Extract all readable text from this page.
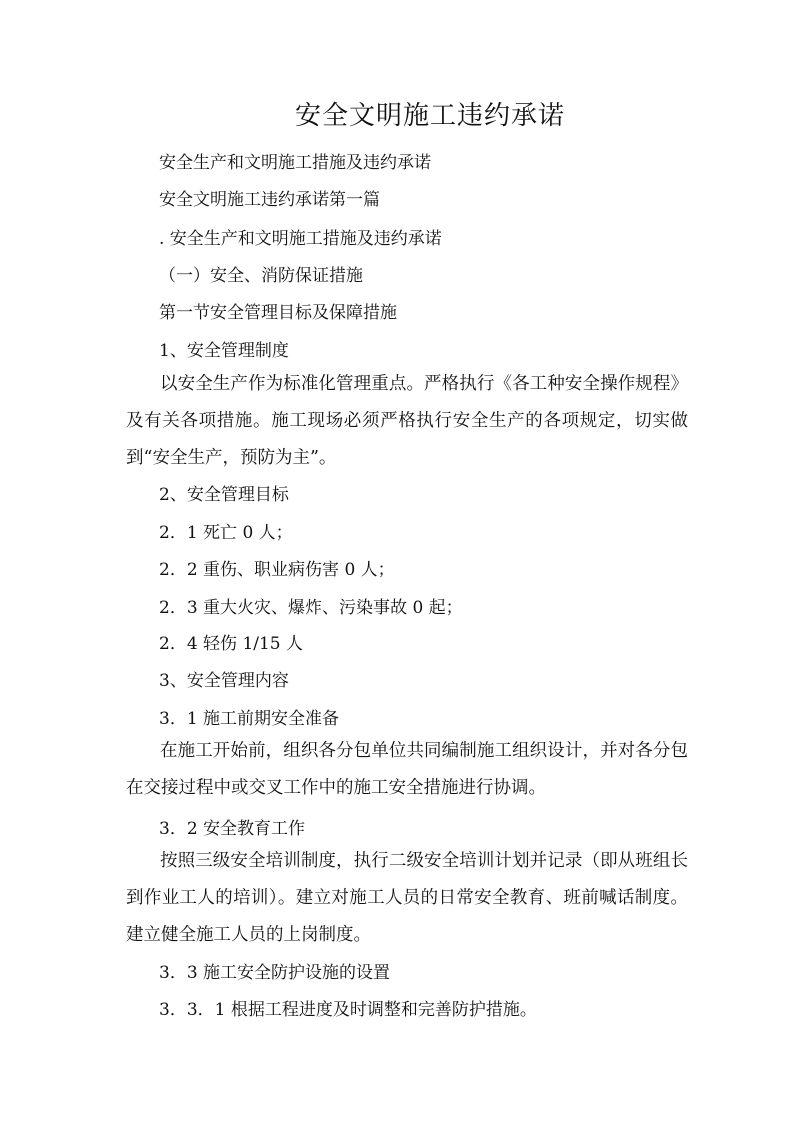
安全文明施工违约承诺

安全生产和文明施工措施及违约承诺

安全文明施工违约承诺第一篇

. 安全生产和文明施工措施及违约承诺

（一）安全、消防保证措施

第一节安全管理目标及保障措施

1、安全管理制度

以安全生产作为标准化管理重点。严格执行《各工种安全操作规程》及有关各项措施。施工现场必须严格执行安全生产的各项规定，切实做到“安全生产，预防为主”。

2、安全管理目标

2．1 死亡 0 人；

2．2 重伤、职业病伤害 0 人；

2．3 重大火灾、爆炸、污染事故 0 起；

2．4 轻伤 1/15 人

3、安全管理内容

3．1 施工前期安全准备

在施工开始前，组织各分包单位共同编制施工组织设计，并对各分包在交接过程中或交叉工作中的施工安全措施进行协调。

3．2 安全教育工作

按照三级安全培训制度，执行二级安全培训计划并记录（即从班组长到作业工人的培训）。建立对施工人员的日常安全教育、班前喊话制度。建立健全施工人员的上岗制度。

3．3 施工安全防护设施的设置

3．3．1 根据工程进度及时调整和完善防护措施。
